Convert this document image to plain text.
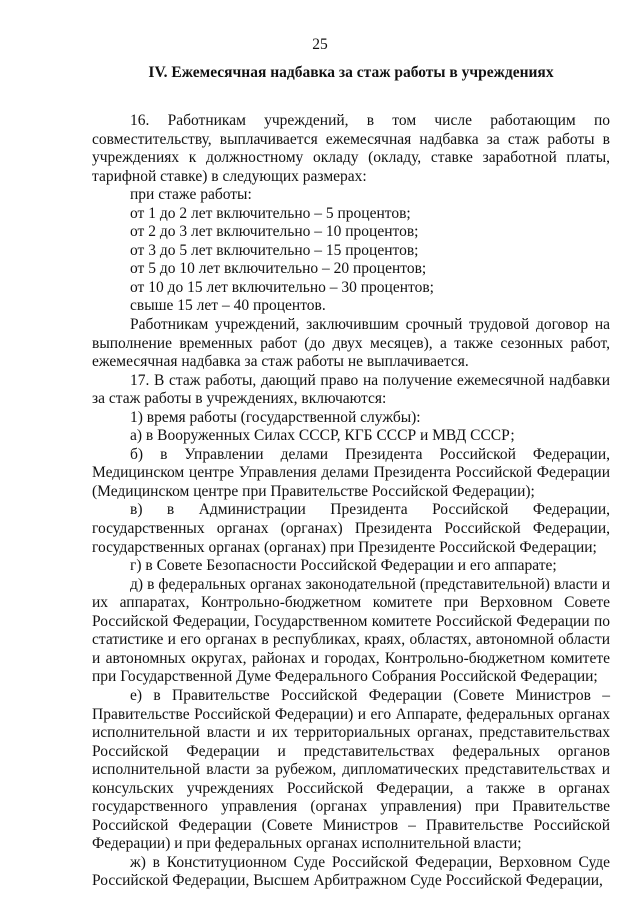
25
IV. Ежемесячная надбавка за стаж работы в учреждениях

16. Работникам учреждений, в том числе работающим по совместительству, выплачивается ежемесячная надбавка за стаж работы в учреждениях к должностному окладу (окладу, ставке заработной платы, тарифной ставке) в следующих размерах:

при стаже работы:

от 1 до 2 лет включительно – 5 процентов;

от 2 до 3 лет включительно – 10 процентов;

от 3 до 5 лет включительно – 15 процентов;

от 5 до 10 лет включительно – 20 процентов;

от 10 до 15 лет включительно – 30 процентов;

свыше 15 лет – 40 процентов.

Работникам учреждений, заключившим срочный трудовой договор на выполнение временных работ (до двух месяцев), а также сезонных работ, ежемесячная надбавка за стаж работы не выплачивается.

17. В стаж работы, дающий право на получение ежемесячной надбавки за стаж работы в учреждениях, включаются:

1) время работы (государственной службы):

а) в Вооруженных Силах СССР, КГБ СССР и МВД СССР;

б) в Управлении делами Президента Российской Федерации, Медицинском центре Управления делами Президента Российской Федерации (Медицинском центре при Правительстве Российской Федерации);

в) в Администрации Президента Российской Федерации, государственных органах (органах) Президента Российской Федерации, государственных органах (органах) при Президенте Российской Федерации;

г) в Совете Безопасности Российской Федерации и его аппарате;

д) в федеральных органах законодательной (представительной) власти и их аппаратах, Контрольно-бюджетном комитете при Верховном Совете Российской Федерации, Государственном комитете Российской Федерации по статистике и его органах в республиках, краях, областях, автономной области и автономных округах, районах и городах, Контрольно-бюджетном комитете при Государственной Думе Федерального Собрания Российской Федерации;

е) в Правительстве Российской Федерации (Совете Министров – Правительстве Российской Федерации) и его Аппарате, федеральных органах исполнительной власти и их территориальных органах, представительствах Российской Федерации и представительствах федеральных органов исполнительной власти за рубежом, дипломатических представительствах и консульских учреждениях Российской Федерации, а также в органах государственного управления (органах управления) при Правительстве Российской Федерации (Совете Министров – Правительстве Российской Федерации) и при федеральных органах исполнительной власти;

ж) в Конституционном Суде Российской Федерации, Верховном Суде Российской Федерации, Высшем Арбитражном Суде Российской Федерации,
